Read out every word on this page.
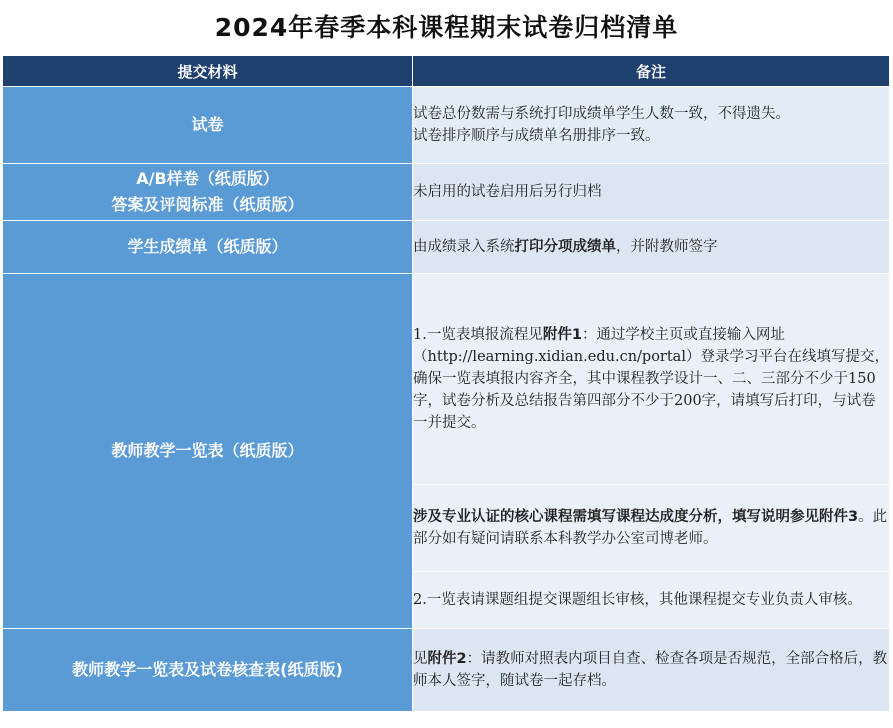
2024年春季本科课程期末试卷归档清单
提交材料	备注
试卷	试卷总份数需与系统打印成绩单学生人数一致，不得遗失。
试卷排序顺序与成绩单名册排序一致。

A/B样卷（纸质版）
答案及评阅标准（纸质版）	未启用的试卷启用后另行归档
学生成绩单（纸质版）	由成绩录入系统打印分项成绩单，并附教师签字
教师教学一览表（纸质版）	1.一览表填报流程见附件1：通过学校主页或直接输入网址（http://learning.xidian.edu.cn/portal）登录学习平台在线填写提交，确保一览表填报内容齐全，其中课程教学设计一、二、三部分不少于150字，试卷分析及总结报告第四部分不少于200字，请填写后打印，与试卷一并提交。
	涉及专业认证的核心课程需填写课程达成度分析，填写说明参见附件3。此部分如有疑问请联系本科教学办公室司博老师。
	2.一览表请课题组提交课题组长审核，其他课程提交专业负责人审核。
教师教学一览表及试卷核查表(纸质版)	见附件2：请教师对照表内项目自查、检查各项是否规范，全部合格后，教师本人签字，随试卷一起存档。
